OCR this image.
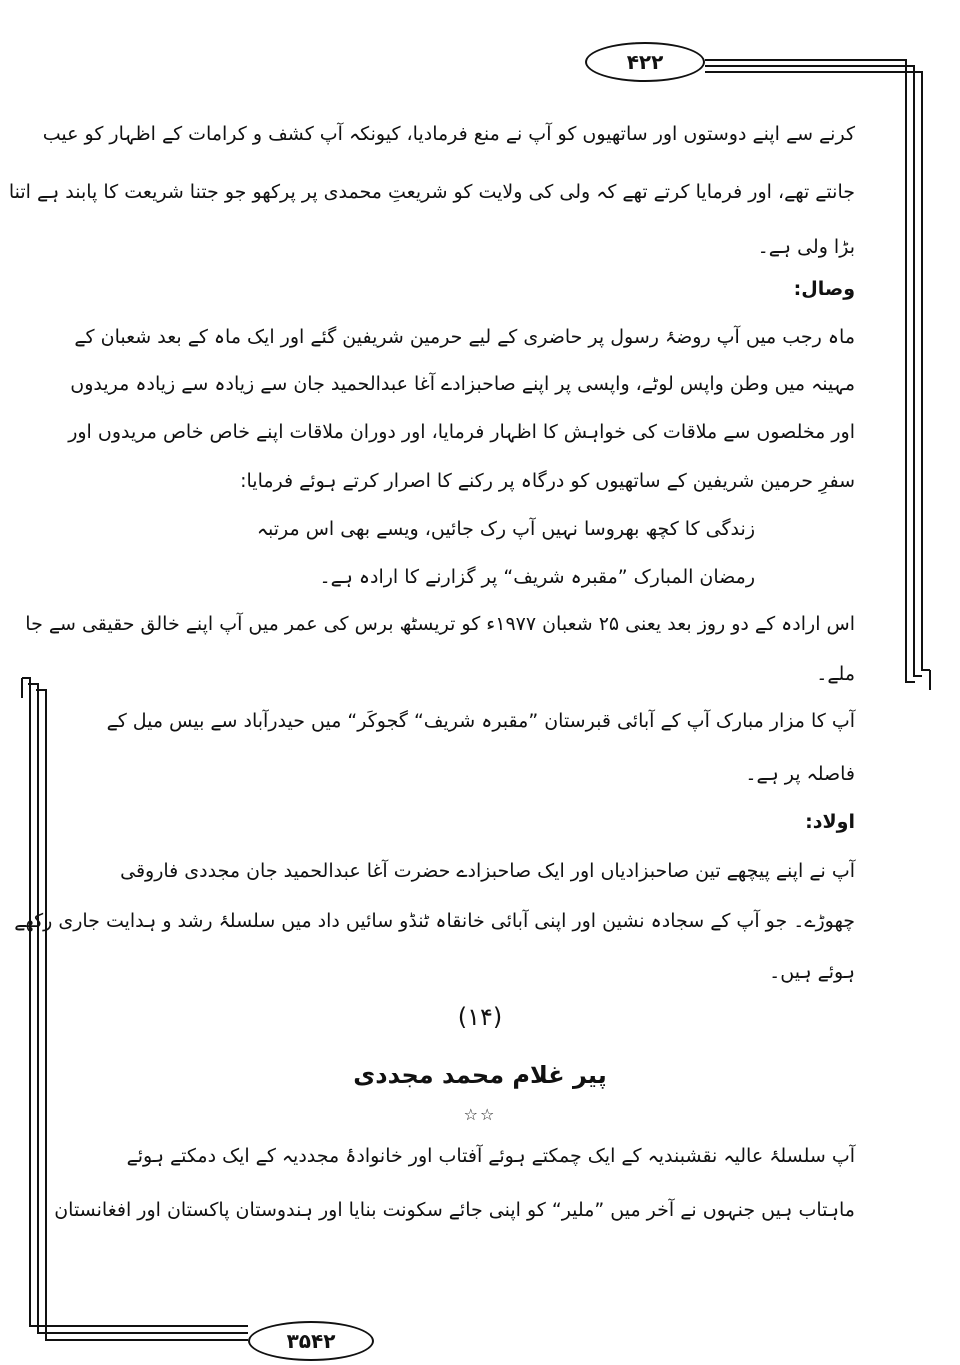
۴۲۲
۳۵۴۲
کرنے سے اپنے دوستوں اور ساتھیوں کو آپ نے منع فرمادیا، کیونکہ آپ کشف و کرامات کے اظہار کو عیب
جانتے تھے، اور فرمایا کرتے تھے کہ ولی کی ولایت کو شریعتِ محمدی پر پرکھو جو جتنا شریعت کا پابند ہے اتنا
بڑا ولی ہے۔
وصال:
ماہ رجب میں آپ روضۂ رسول پر حاضری کے لیے حرمین شریفین گئے اور ایک ماہ کے بعد شعبان کے
مہینہ میں وطن واپس لوٹے، واپسی پر اپنے صاحبزادے آغا عبدالحمید جان سے زیادہ سے زیادہ مریدوں
اور مخلصوں سے ملاقات کی خواہش کا اظہار فرمایا، اور دوران ملاقات اپنے خاص خاص مریدوں اور
سفرِ حرمین شریفین کے ساتھیوں کو درگاہ پر رکنے کا اصرار کرتے ہوئے فرمایا:
زندگی کا کچھ بھروسا نہیں آپ رک جائیں، ویسے بھی اس مرتبہ
رمضان المبارک ”مقبرہ شریف“ پر گزارنے کا ارادہ ہے۔
اس ارادہ کے دو روز بعد یعنی ۲۵ شعبان ۱۹۷۷ء کو تریسٹھ برس کی عمر میں آپ اپنے خالق حقیقی سے جا
ملے۔
آپ کا مزار مبارک آپ کے آبائی قبرستان ”مقبرہ شریف“ گجوکَر“ میں حیدرآباد سے بیس میل کے
فاصلہ پر ہے۔
اولاد:
آپ نے اپنے پیچھے تین صاحبزادیاں اور ایک صاحبزادے حضرت آغا عبدالحمید جان مجددی فاروقی
چھوڑے۔ جو آپ کے سجادہ نشین اور اپنی آبائی خانقاہ ٹنڈو سائیں داد میں سلسلۂ رشد و ہدایت جاری رکھے
ہوئے ہیں۔
(۱۴)
پیر غلام محمد مجددی
☆☆
آپ سلسلۂ عالیہ نقشبندیہ کے ایک چمکتے ہوئے آفتاب اور خانوادۂ مجددیہ کے ایک دمکتے ہوئے
ماہتاب ہیں جنہوں نے آخر میں ”ملیر“ کو اپنی جائے سکونت بنایا اور ہندوستان پاکستان اور افغانستان
